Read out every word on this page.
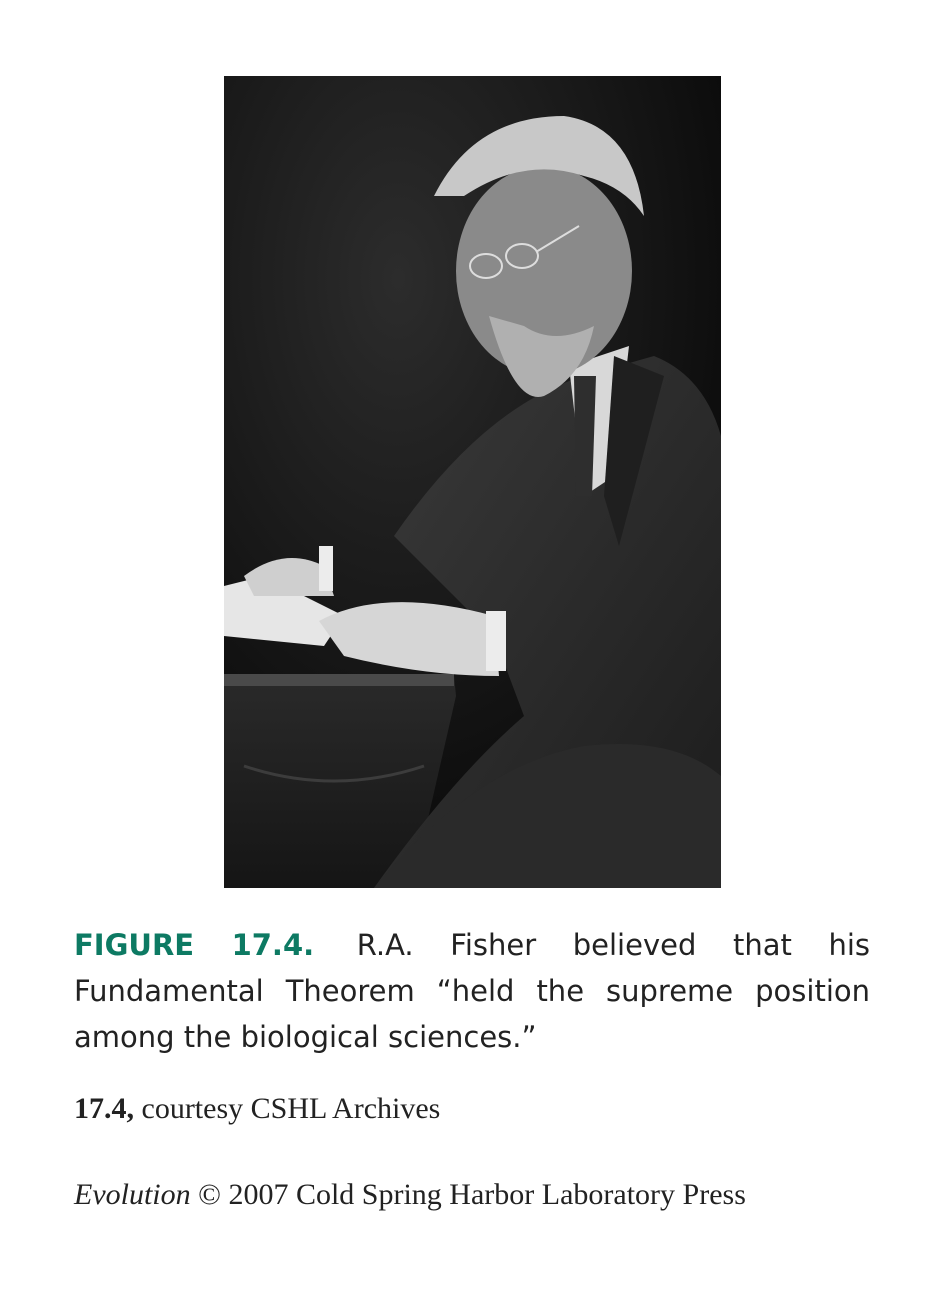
FIGURE 17.4. R.A. Fisher believed that his Fundamental Theorem “held the supreme position among the biological sciences.”
17.4, courtesy CSHL Archives
Evolution © 2007 Cold Spring Harbor Laboratory Press
